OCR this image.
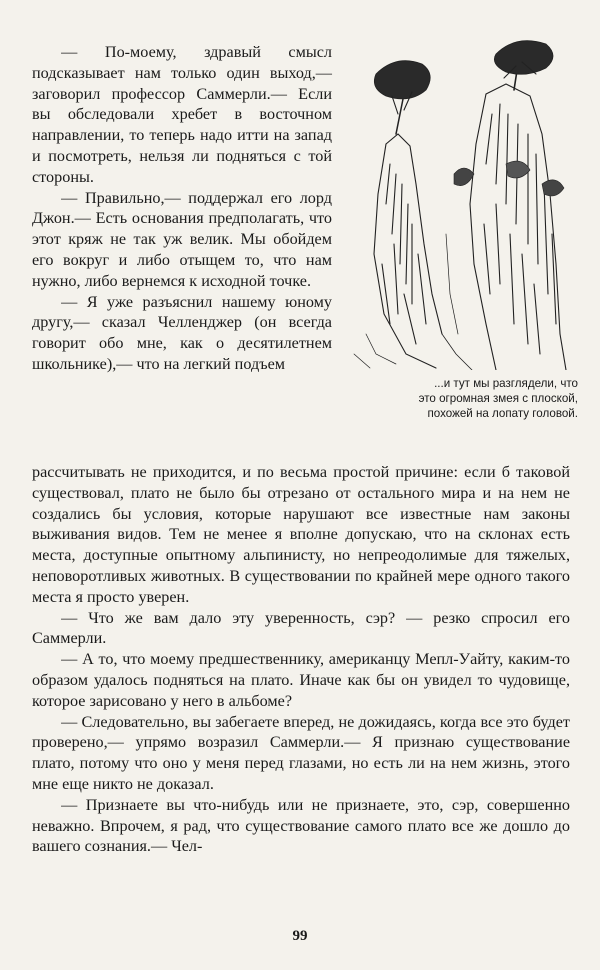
— По-моему, здравый смысл подсказывает нам только один выход,— заговорил профессор Саммерли.— Если вы обследовали хребет в восточном направлении, то теперь надо итти на запад и посмотреть, нельзя ли подняться с той стороны.

— Правильно,— поддержал его лорд Джон.— Есть основания предполагать, что этот кряж не так уж велик. Мы обойдем его вокруг и либо отыщем то, что нам нужно, либо вернемся к исходной точке.

— Я уже разъяснил нашему юному другу,— сказал Челленджер (он всегда говорит обо мне, как о десятилетнем школьнике),— что на легкий подъем

...и тут мы разглядели, что
это огромная змея с плоской,
похожей на лопату головой.

рассчитывать не приходится, и по весьма простой причине: если б таковой существовал, плато не было бы отрезано от остального мира и на нем не создались бы условия, которые нарушают все известные нам законы выживания видов. Тем не менее я вполне допускаю, что на склонах есть места, доступные опытному альпинисту, но непреодолимые для тяжелых, неповоротливых животных. В существовании по крайней мере одного такого места я просто уверен.

— Что же вам дало эту уверенность, сэр? — резко спросил его Саммерли.

— А то, что моему предшественнику, американцу Мепл-Уайту, каким-то образом удалось подняться на плато. Иначе как бы он увидел то чудовище, которое зарисовано у него в альбоме?

— Следовательно, вы забегаете вперед, не дожидаясь, когда все это будет проверено,— упрямо возразил Саммерли.— Я признаю существование плато, потому что оно у меня перед глазами, но есть ли на нем жизнь, этого мне еще никто не доказал.

— Признаете вы что-нибудь или не признаете, это, сэр, совершенно неважно. Впрочем, я рад, что существование самого плато все же дошло до вашего сознания.— Чел-

99
